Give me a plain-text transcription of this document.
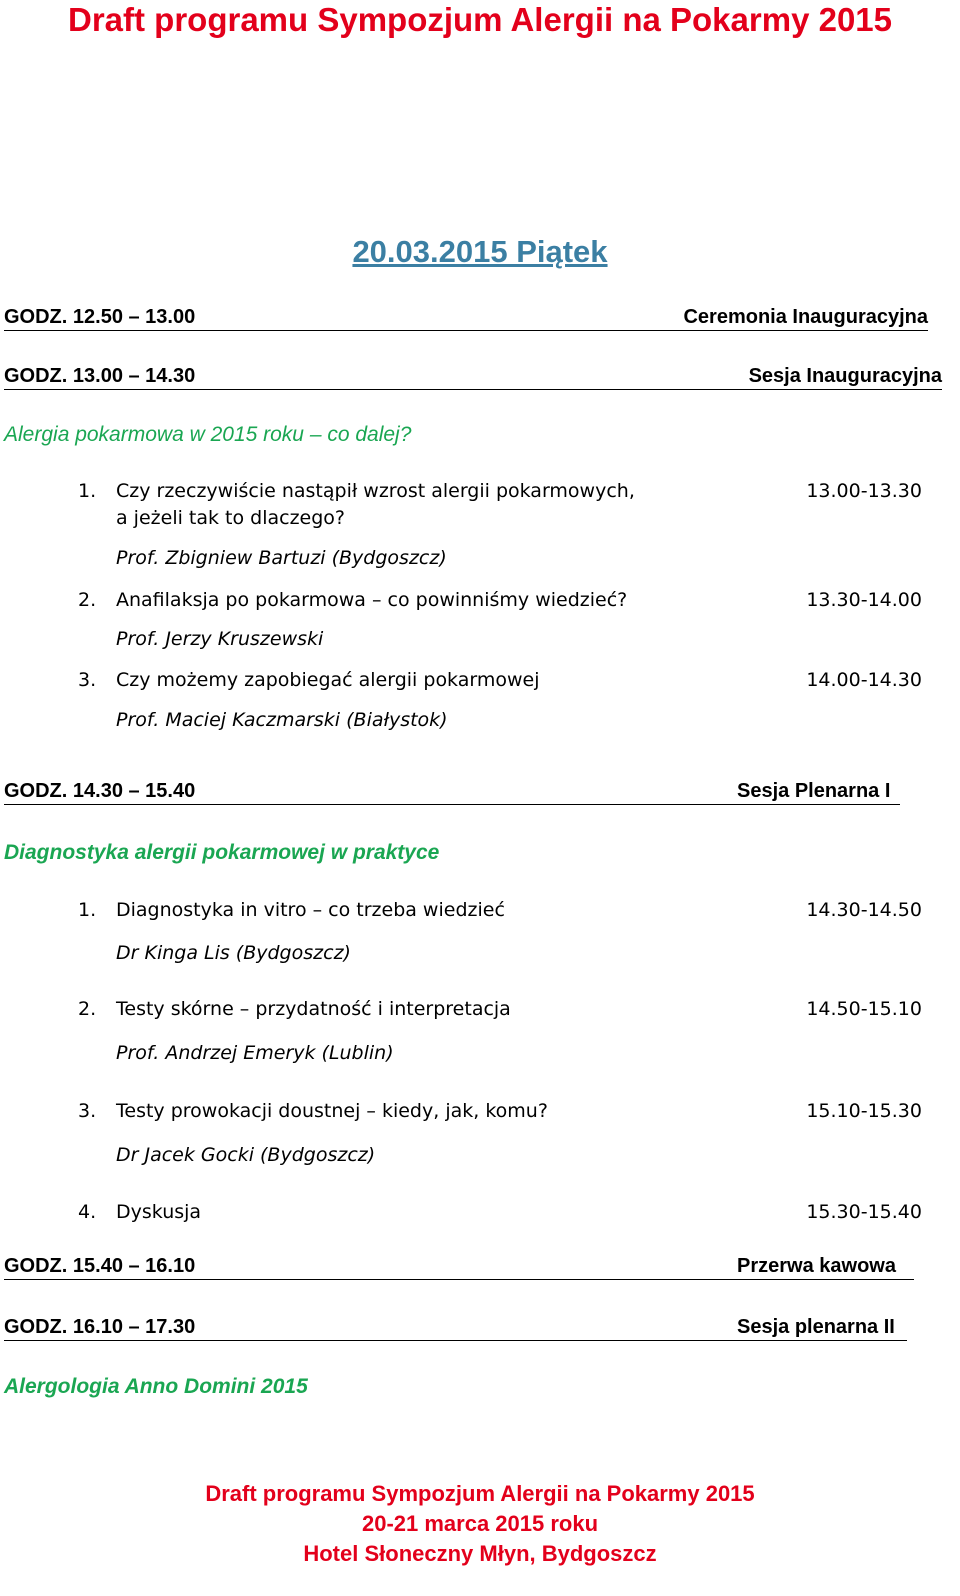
Draft programu Sympozjum Alergii na Pokarmy 2015
20.03.2015 Piątek
GODZ. 12.50 – 13.00	Ceremonia Inauguracyjna
GODZ. 13.00 – 14.30	Sesja Inauguracyjna
Alergia pokarmowa w 2015 roku – co dalej?
1. Czy rzeczywiście nastąpił wzrost alergii pokarmowych,
a jeżeli tak to dlaczego?
13.00-13.30
Prof. Zbigniew Bartuzi (Bydgoszcz)
2. Anafilaksja po pokarmowa – co powinniśmy wiedzieć?	13.30-14.00
Prof. Jerzy Kruszewski
3. Czy możemy zapobiegać alergii pokarmowej	14.00-14.30
Prof. Maciej Kaczmarski (Białystok)
GODZ. 14.30 – 15.40	Sesja Plenarna I
Diagnostyka alergii pokarmowej w praktyce
1. Diagnostyka in vitro – co trzeba wiedzieć	14.30-14.50
Dr Kinga Lis (Bydgoszcz)
2. Testy skórne – przydatność i interpretacja	14.50-15.10
Prof. Andrzej Emeryk (Lublin)
3. Testy prowokacji doustnej – kiedy, jak, komu?	15.10-15.30
Dr Jacek Gocki (Bydgoszcz)
4. Dyskusja	15.30-15.40
GODZ. 15.40 – 16.10	Przerwa kawowa
GODZ. 16.10 – 17.30	Sesja plenarna II
Alergologia Anno Domini 2015
Draft programu Sympozjum Alergii na Pokarmy 2015
20-21 marca 2015 roku
Hotel Słoneczny Młyn, Bydgoszcz
